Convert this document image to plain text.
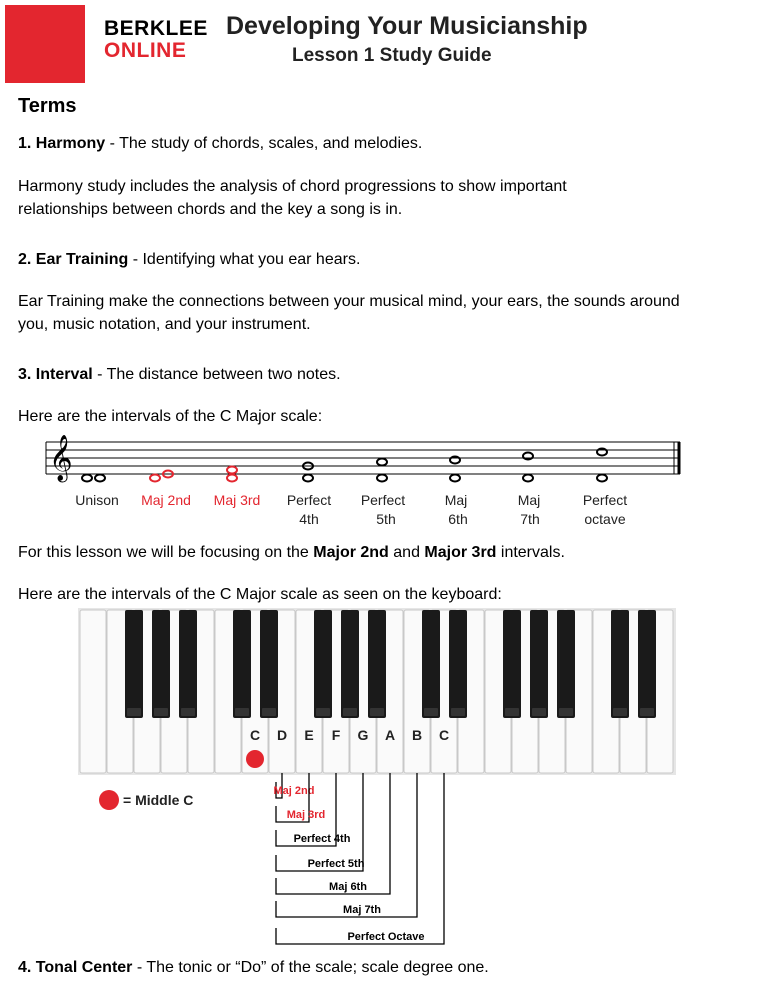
BERKLEE
ONLINE
Developing Your Musicianship
Lesson 1 Study Guide
Terms
1. Harmony - The study of chords, scales, and melodies.
Harmony study includes the analysis of chord progressions to show important relationships between chords and the key a song is in.
2. Ear Training - Identifying what you ear hears.
Ear Training make the connections between your musical mind, your ears, the sounds around you, music notation, and your instrument.
3. Interval - The distance between two notes.
Here are the intervals of the C Major scale:
𝄞
Unison Maj 2nd Maj 3rd Perfect
4th
Perfect
5th
Maj
6th
Maj
7th
Perfect
octave
For this lesson we will be focusing on the Major 2nd and Major 3rd intervals.
Here are the intervals of the C Major scale as seen on the keyboard:
C D E F G A B C
= Middle C
Maj 2nd
Maj 3rd
Perfect 4th
Perfect 5th
Maj 6th
Maj 7th
Perfect Octave
4. Tonal Center - The tonic or “Do” of the scale; scale degree one.
